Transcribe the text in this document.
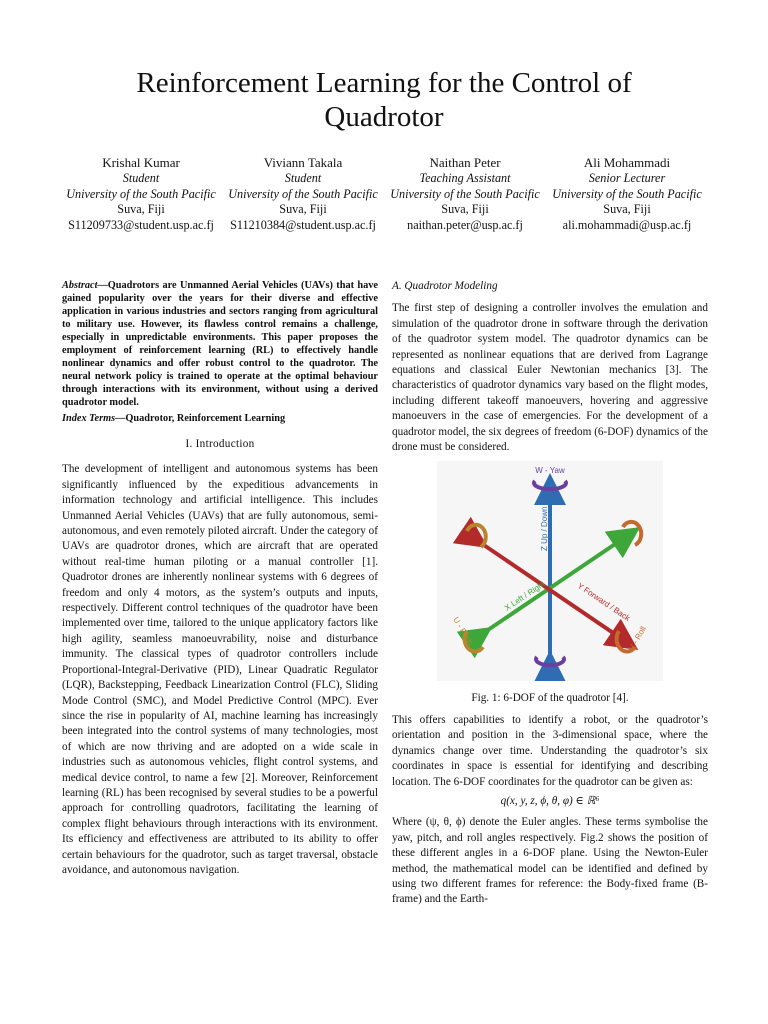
Reinforcement Learning for the Control of
Quadrotor
Krishal Kumar
Student
University of the South Pacific
Suva, Fiji
S11209733@student.usp.ac.fj
Viviann Takala
Student
University of the South Pacific
Suva, Fiji
S11210384@student.usp.ac.fj
Naithan Peter
Teaching Assistant
University of the South Pacific
Suva, Fiji
naithan.peter@usp.ac.fj
Ali Mohammadi
Senior Lecturer
University of the South Pacific
Suva, Fiji
ali.mohammadi@usp.ac.fj
Abstract—Quadrotors are Unmanned Aerial Vehicles (UAVs) that have gained popularity over the years for their diverse and effective application in various industries and sectors ranging from agricultural to military use. However, its flawless control remains a challenge, especially in unpredictable environments. This paper proposes the employment of reinforcement learning (RL) to effectively handle nonlinear dynamics and offer robust control to the quadrotor. The neural network policy is trained to operate at the optimal behaviour through interactions with its environment, without using a derived quadrotor model.
Index Terms—Quadrotor, Reinforcement Learning
I. Introduction

The development of intelligent and autonomous systems has been significantly influenced by the expeditious advancements in information technology and artificial intelligence. This includes Unmanned Aerial Vehicles (UAVs) that are fully autonomous, semi-autonomous, and even remotely piloted aircraft. Under the category of UAVs are quadrotor drones, which are aircraft that are operated without real-time human piloting or a manual controller [1]. Quadrotor drones are inherently nonlinear systems with 6 degrees of freedom and only 4 motors, as the system’s outputs and inputs, respectively. Different control techniques of the quadrotor have been implemented over time, tailored to the unique applicatory factors like high agility, seamless manoeuvrability, noise and disturbance immunity. The classical types of quadrotor controllers include Proportional-Integral-Derivative (PID), Linear Quadratic Regulator (LQR), Backstepping, Feedback Linearization Control (FLC), Sliding Mode Control (SMC), and Model Predictive Control (MPC). Ever since the rise in popularity of AI, machine learning has increasingly been integrated into the control systems of many technologies, most of which are now thriving and are adopted on a wide scale in industries such as autonomous vehicles, flight control systems, and medical device control, to name a few [2]. Moreover, Reinforcement learning (RL) has been recognised by several studies to be a powerful approach for controlling quadrotors, facilitating the learning of complex flight behaviours through interactions with its environment. Its efficiency and effectiveness are attributed to its ability to offer certain behaviours for the quadrotor, such as target traversal, obstacle avoidance, and autonomous navigation.

A. Quadrotor Modeling

The first step of designing a controller involves the emulation and simulation of the quadrotor drone in software through the derivation of the quadrotor system model. The quadrotor dynamics can be represented as nonlinear equations that are derived from Lagrange equations and classical Euler Newtonian mechanics [3]. The characteristics of quadrotor dynamics vary based on the flight modes, including different takeoff manoeuvers, hovering and aggressive manoeuvers in the case of emergencies. For the development of a quadrotor model, the six degrees of freedom (6-DOF) dynamics of the drone must be considered.

W - Yaw
Z Up / Down
X Left / Right	Y Forward / Back
U - Pitch	V - Roll
Fig. 1: 6-DOF of the quadrotor [4].

This offers capabilities to identify a robot, or the quadrotor’s orientation and position in the 3-dimensional space, where the dynamics change over time. Understanding the quadrotor’s six coordinates in space is essential for identifying and describing location. The 6-DOF coordinates for the quadrotor can be given as:

q(x, y, z, ϕ, θ, φ) ∈ ℝ⁶

Where (ψ, θ, ϕ) denote the Euler angles. These terms symbolise the yaw, pitch, and roll angles respectively. Fig.2 shows the position of these different angles in a 6-DOF plane. Using the Newton-Euler method, the mathematical model can be identified and defined by using two different frames for reference: the Body-fixed frame (B-frame) and the Earth-
